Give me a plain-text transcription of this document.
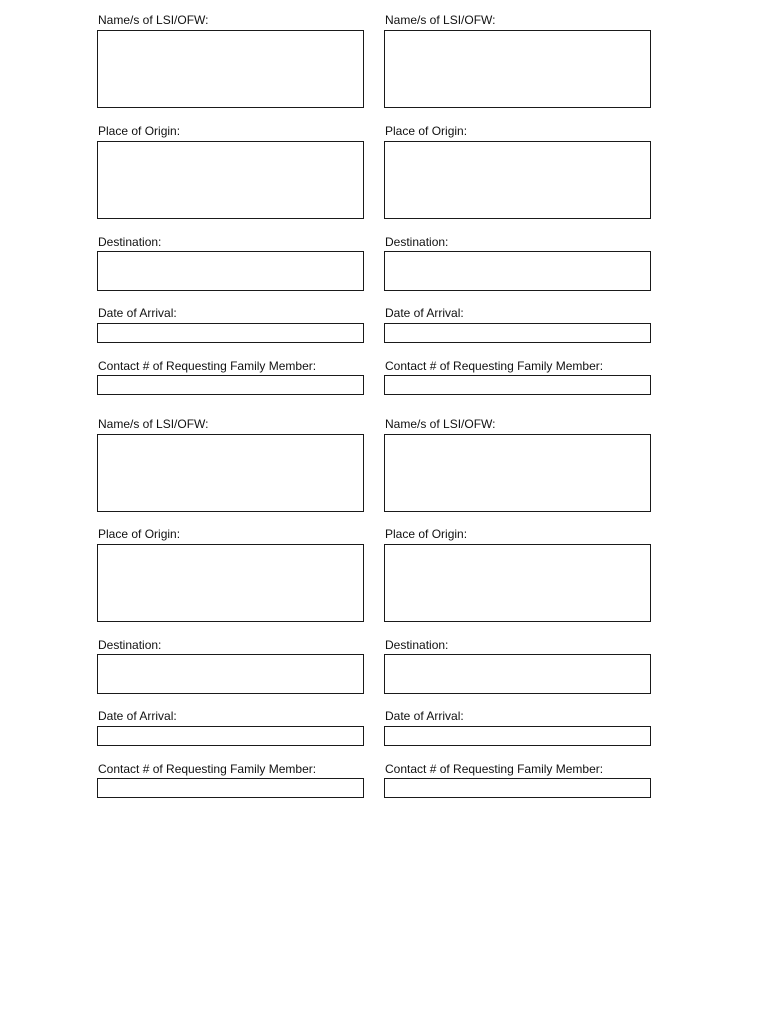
Name/s of LSI/OFW:
Place of Origin:
Destination:
Date of Arrival:
Contact # of Requesting Family Member:
Name/s of LSI/OFW:
Place of Origin:
Destination:
Date of Arrival:
Contact # of Requesting Family Member:
Name/s of LSI/OFW:
Place of Origin:
Destination:
Date of Arrival:
Contact # of Requesting Family Member:
Name/s of LSI/OFW:
Place of Origin:
Destination:
Date of Arrival:
Contact # of Requesting Family Member:
